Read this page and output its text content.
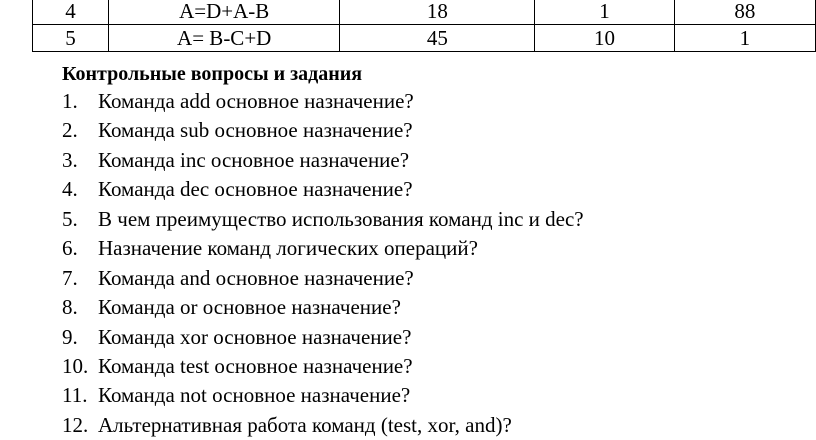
4	A=D+A-B	18	1	88
5	A= B-C+D	45	10	1
Контрольные вопросы и задания
1. Команда add основное назначение?
2. Команда sub основное назначение?
3. Команда inc основное назначение?
4. Команда dec основное назначение?
5. В чем преимущество использования команд inc и dec?
6. Назначение команд логических операций?
7. Команда and основное назначение?
8. Команда or основное назначение?
9. Команда xor основное назначение?
10. Команда test основное назначение?
11. Команда not основное назначение?
12. Альтернативная работа команд (test, xor, and)?
